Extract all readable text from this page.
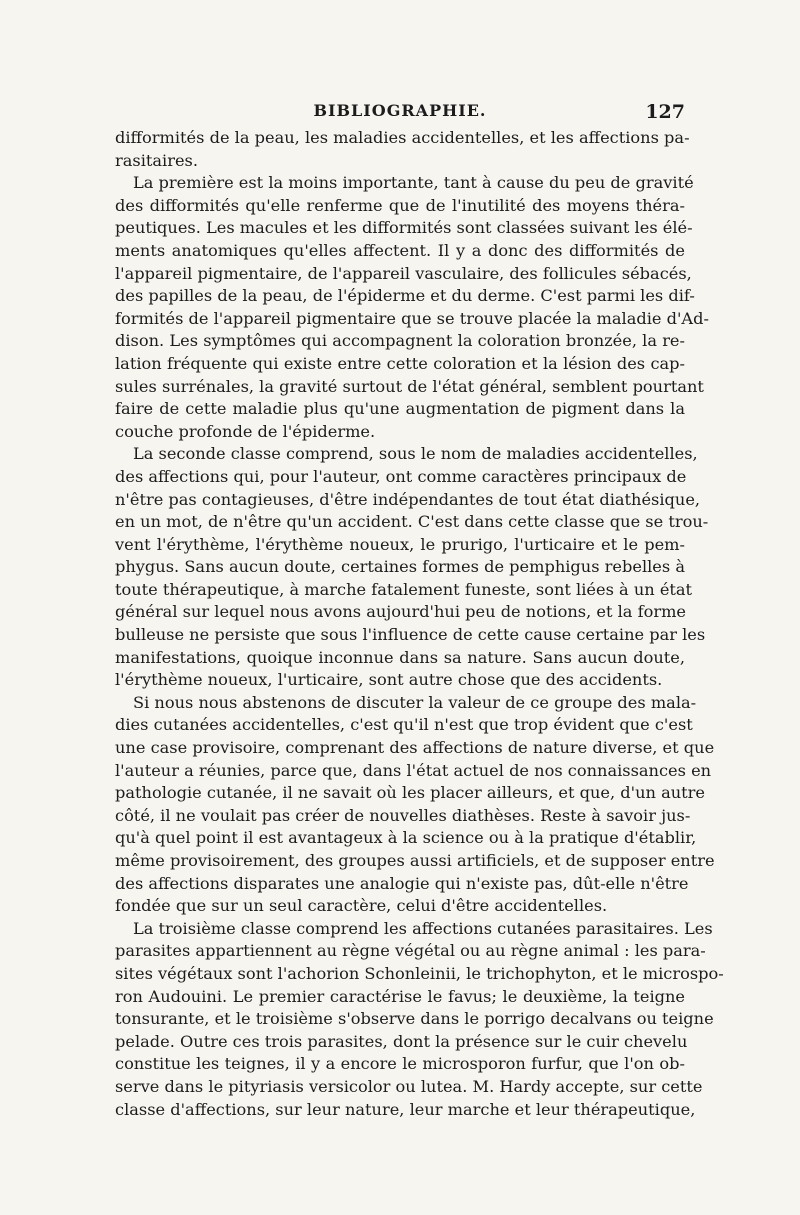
BIBLIOGRAPHIE.	127
difformités de la peau, les maladies accidentelles, et les affections pa-
rasitaires.
La première est la moins importante, tant à cause du peu de gravité
des difformités qu'elle renferme que de l'inutilité des moyens théra-
peutiques. Les macules et les difformités sont classées suivant les élé-
ments anatomiques qu'elles affectent. Il y a donc des difformités de
l'appareil pigmentaire, de l'appareil vasculaire, des follicules sébacés,
des papilles de la peau, de l'épiderme et du derme. C'est parmi les dif-
formités de l'appareil pigmentaire que se trouve placée la maladie d'Ad-
dison. Les symptômes qui accompagnent la coloration bronzée, la re-
lation fréquente qui existe entre cette coloration et la lésion des cap-
sules surrénales, la gravité surtout de l'état général, semblent pourtant
faire de cette maladie plus qu'une augmentation de pigment dans la
couche profonde de l'épiderme.
La seconde classe comprend, sous le nom de maladies accidentelles,
des affections qui, pour l'auteur, ont comme caractères principaux de
n'être pas contagieuses, d'être indépendantes de tout état diathésique,
en un mot, de n'être qu'un accident. C'est dans cette classe que se trou-
vent l'érythème, l'érythème noueux, le prurigo, l'urticaire et le pem-
phygus. Sans aucun doute, certaines formes de pemphigus rebelles à
toute thérapeutique, à marche fatalement funeste, sont liées à un état
général sur lequel nous avons aujourd'hui peu de notions, et la forme
bulleuse ne persiste que sous l'influence de cette cause certaine par les
manifestations, quoique inconnue dans sa nature. Sans aucun doute,
l'érythème noueux, l'urticaire, sont autre chose que des accidents.
Si nous nous abstenons de discuter la valeur de ce groupe des mala-
dies cutanées accidentelles, c'est qu'il n'est que trop évident que c'est
une case provisoire, comprenant des affections de nature diverse, et que
l'auteur a réunies, parce que, dans l'état actuel de nos connaissances en
pathologie cutanée, il ne savait où les placer ailleurs, et que, d'un autre
côté, il ne voulait pas créer de nouvelles diathèses. Reste à savoir jus-
qu'à quel point il est avantageux à la science ou à la pratique d'établir,
même provisoirement, des groupes aussi artificiels, et de supposer entre
des affections disparates une analogie qui n'existe pas, dût-elle n'être
fondée que sur un seul caractère, celui d'être accidentelles.
La troisième classe comprend les affections cutanées parasitaires. Les
parasites appartiennent au règne végétal ou au règne animal : les para-
sites végétaux sont l'achorion Schonleinii, le trichophyton, et le microspo-
ron Audouini. Le premier caractérise le favus; le deuxième, la teigne
tonsurante, et le troisième s'observe dans le porrigo decalvans ou teigne
pelade. Outre ces trois parasites, dont la présence sur le cuir chevelu
constitue les teignes, il y a encore le microsporon furfur, que l'on ob-
serve dans le pityriasis versicolor ou lutea. M. Hardy accepte, sur cette
classe d'affections, sur leur nature, leur marche et leur thérapeutique,
